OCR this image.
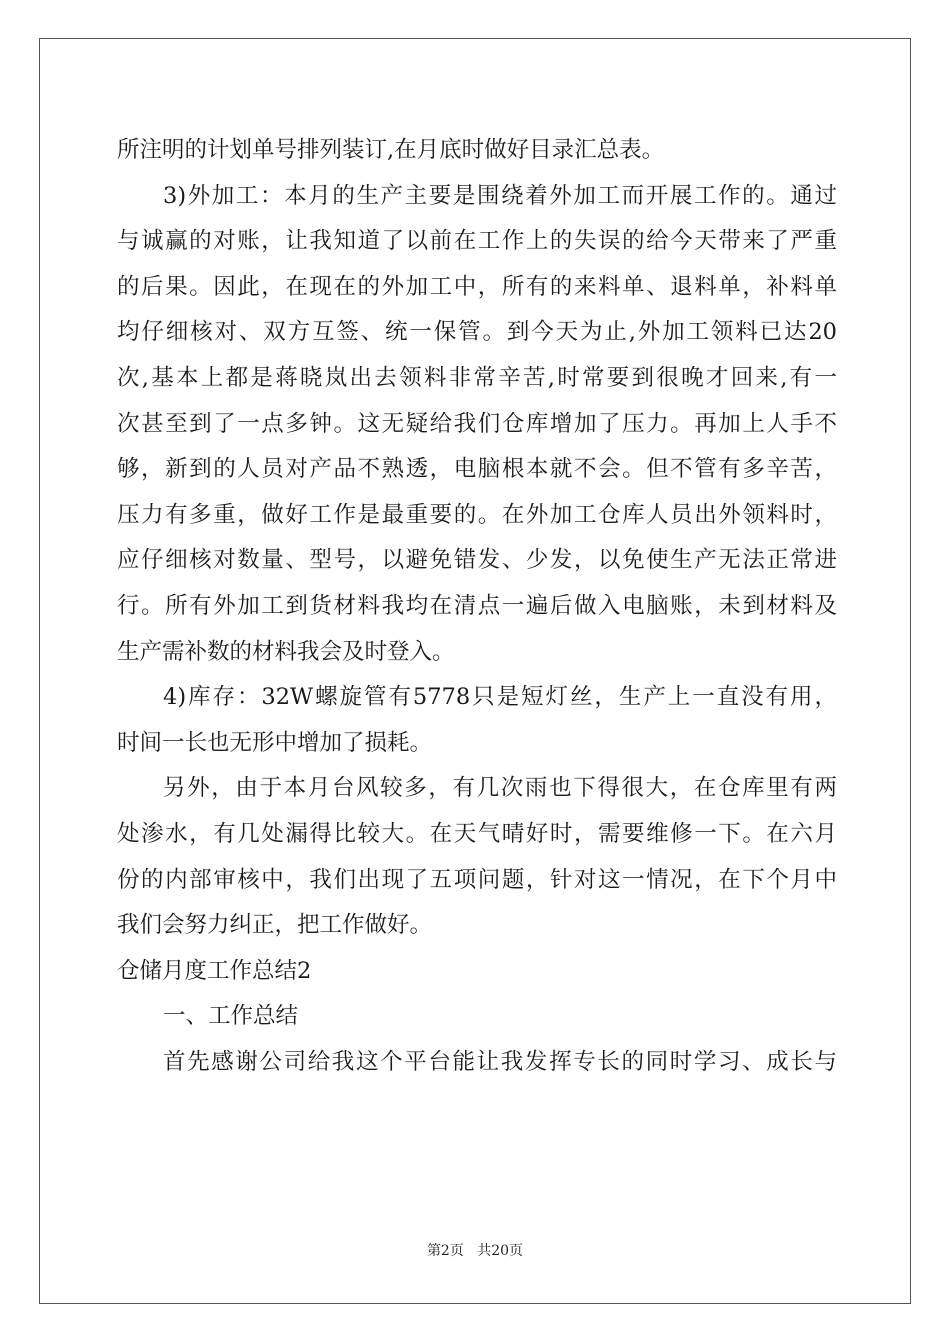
所注明的计划单号排列装订,在月底时做好目录汇总表。
3)外加工：本月的生产主要是围绕着外加工而开展工作的。通过
与诚赢的对账，让我知道了以前在工作上的失误的给今天带来了严重
的后果。因此，在现在的外加工中，所有的来料单、退料单，补料单
均仔细核对、双方互签、统一保管。到今天为止,外加工领料已达20
次,基本上都是蒋晓岚出去领料非常辛苦,时常要到很晚才回来,有一
次甚至到了一点多钟。这无疑给我们仓库增加了压力。再加上人手不
够，新到的人员对产品不熟透，电脑根本就不会。但不管有多辛苦，
压力有多重，做好工作是最重要的。在外加工仓库人员出外领料时，
应仔细核对数量、型号，以避免错发、少发，以免使生产无法正常进
行。所有外加工到货材料我均在清点一遍后做入电脑账，未到材料及
生产需补数的材料我会及时登入。
4)库存：32W螺旋管有5778只是短灯丝，生产上一直没有用，
时间一长也无形中增加了损耗。
另外，由于本月台风较多，有几次雨也下得很大，在仓库里有两
处渗水，有几处漏得比较大。在天气晴好时，需要维修一下。在六月
份的内部审核中，我们出现了五项问题，针对这一情况，在下个月中
我们会努力纠正，把工作做好。
仓储月度工作总结2
一、工作总结
首先感谢公司给我这个平台能让我发挥专长的同时学习、成长与
第2页 共20页
